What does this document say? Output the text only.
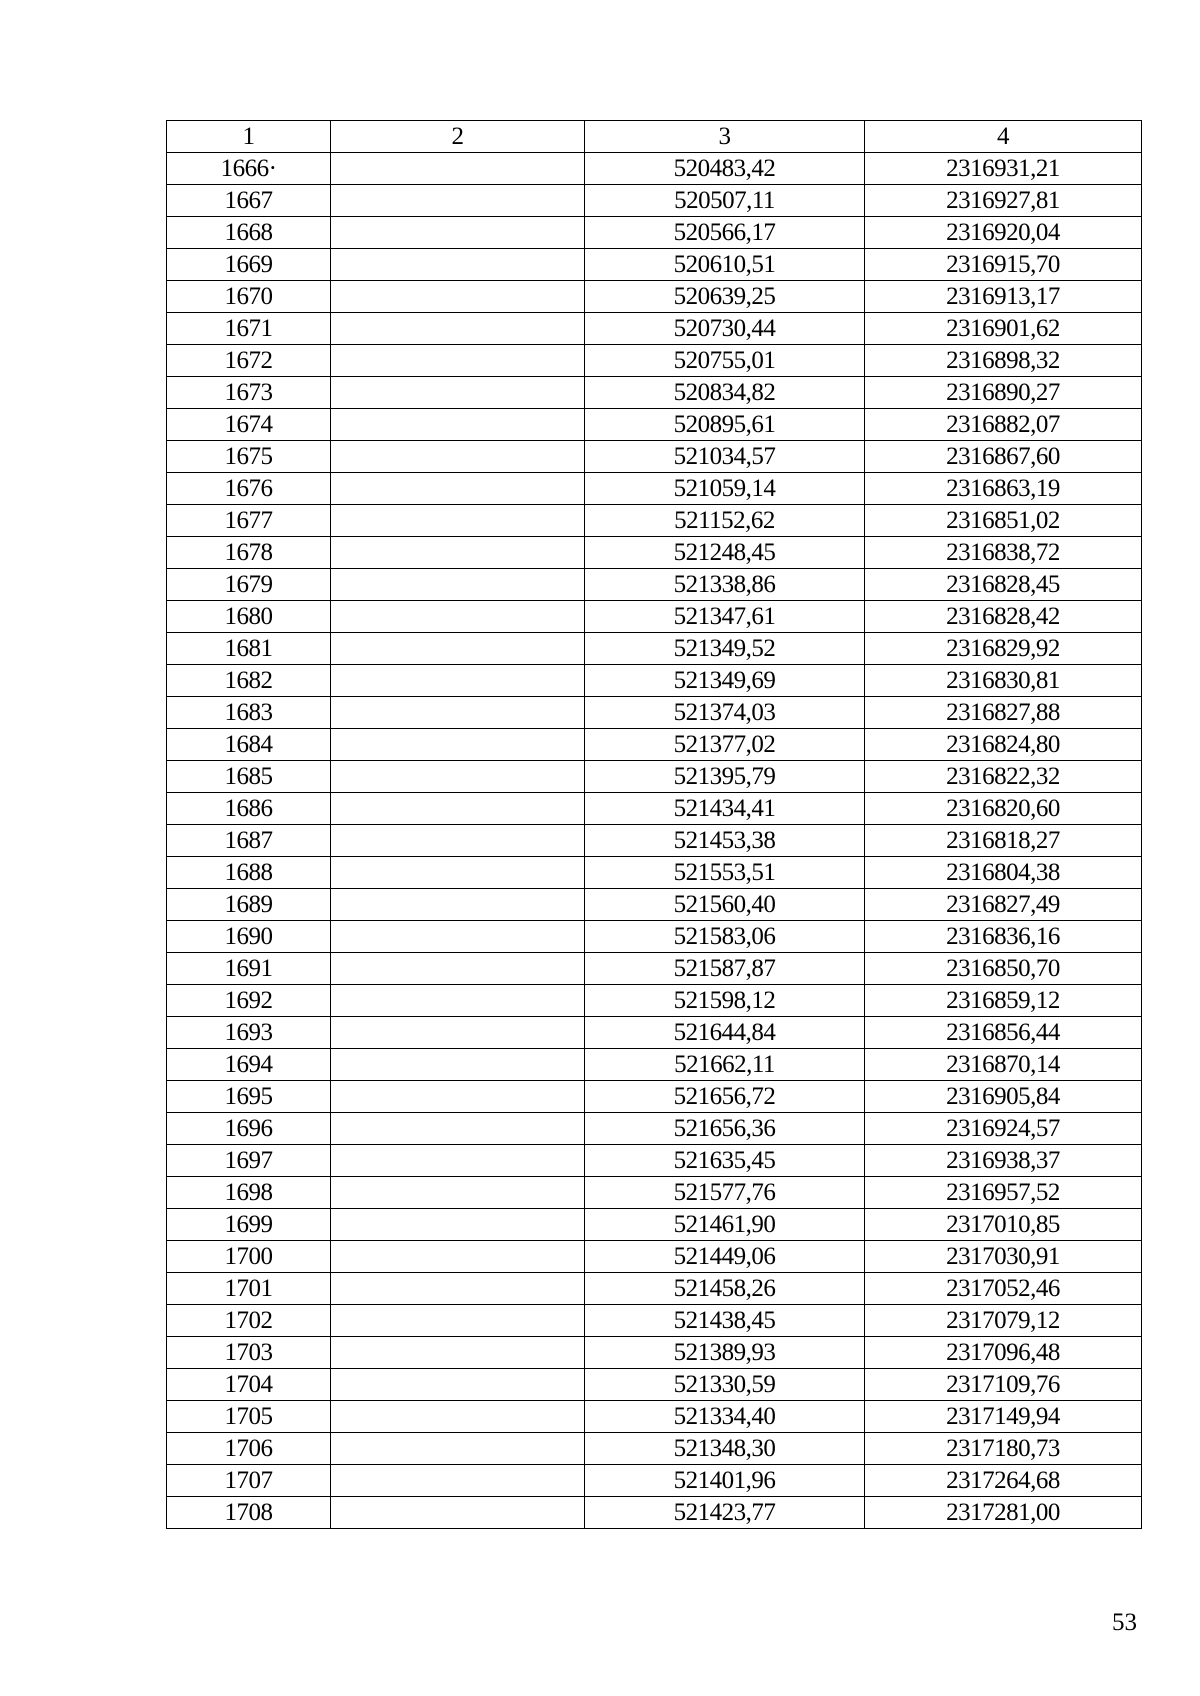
1	2	3	4
1666·		520483,42	2316931,21
1667		520507,11	2316927,81
1668		520566,17	2316920,04
1669		520610,51	2316915,70
1670		520639,25	2316913,17
1671		520730,44	2316901,62
1672		520755,01	2316898,32
1673		520834,82	2316890,27
1674		520895,61	2316882,07
1675		521034,57	2316867,60
1676		521059,14	2316863,19
1677		521152,62	2316851,02
1678		521248,45	2316838,72
1679		521338,86	2316828,45
1680		521347,61	2316828,42
1681		521349,52	2316829,92
1682		521349,69	2316830,81
1683		521374,03	2316827,88
1684		521377,02	2316824,80
1685		521395,79	2316822,32
1686		521434,41	2316820,60
1687		521453,38	2316818,27
1688		521553,51	2316804,38
1689		521560,40	2316827,49
1690		521583,06	2316836,16
1691		521587,87	2316850,70
1692		521598,12	2316859,12
1693		521644,84	2316856,44
1694		521662,11	2316870,14
1695		521656,72	2316905,84
1696		521656,36	2316924,57
1697		521635,45	2316938,37
1698		521577,76	2316957,52
1699		521461,90	2317010,85
1700		521449,06	2317030,91
1701		521458,26	2317052,46
1702		521438,45	2317079,12
1703		521389,93	2317096,48
1704		521330,59	2317109,76
1705		521334,40	2317149,94
1706		521348,30	2317180,73
1707		521401,96	2317264,68
1708		521423,77	2317281,00
53
